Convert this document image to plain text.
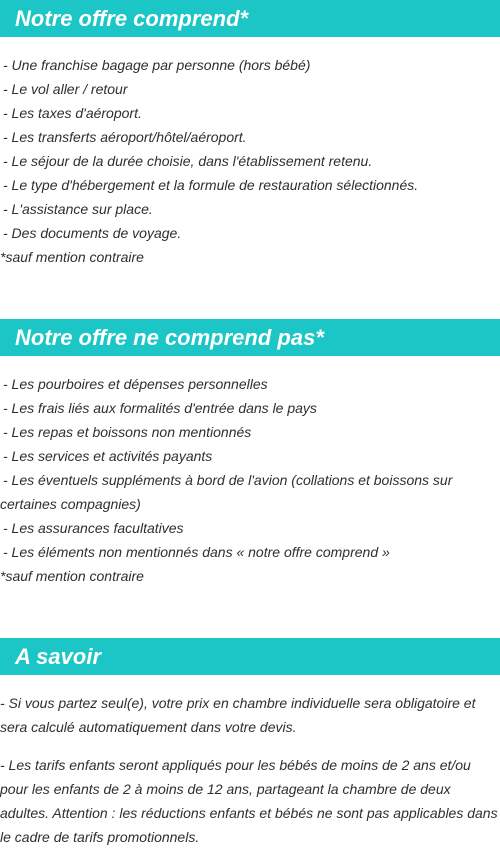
Notre offre comprend*
- Une franchise bagage par personne (hors bébé)
- Le vol aller / retour
- Les taxes d'aéroport.
- Les transferts aéroport/hôtel/aéroport.
- Le séjour de la durée choisie, dans l'établissement retenu.
- Le type d'hébergement et la formule de restauration sélectionnés.
- L'assistance sur place.
- Des documents de voyage.
*sauf mention contraire
Notre offre ne comprend pas*
- Les pourboires et dépenses personnelles
- Les frais liés aux formalités d'entrée dans le pays
- Les repas et boissons non mentionnés
- Les services et activités payants
- Les éventuels suppléments à bord de l'avion (collations et boissons sur certaines compagnies)
- Les assurances facultatives
- Les éléments non mentionnés dans « notre offre comprend »
*sauf mention contraire
A savoir

- Si vous partez seul(e), votre prix en chambre individuelle sera obligatoire et sera calculé automatiquement dans votre devis.

- Les tarifs enfants seront appliqués pour les bébés de moins de 2 ans et/ou pour les enfants de 2 à moins de 12 ans, partageant la chambre de deux adultes. Attention : les réductions enfants et bébés ne sont pas applicables dans le cadre de tarifs promotionnels.
